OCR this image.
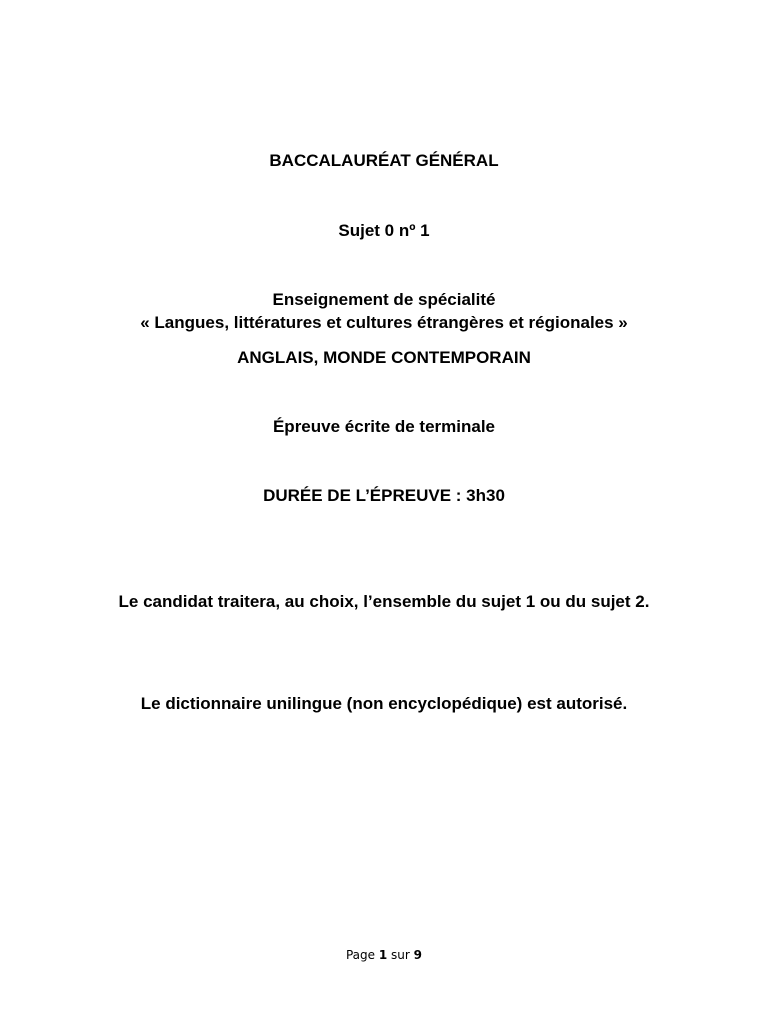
BACCALAURÉAT GÉNÉRAL
Sujet 0 nº 1
Enseignement de spécialité
« Langues, littératures et cultures étrangères et régionales »
ANGLAIS, MONDE CONTEMPORAIN
Épreuve écrite de terminale
DURÉE DE L’ÉPREUVE : 3h30
Le candidat traitera, au choix, l’ensemble du sujet 1 ou du sujet 2.
Le dictionnaire unilingue (non encyclopédique) est autorisé.
Page 1 sur 9
